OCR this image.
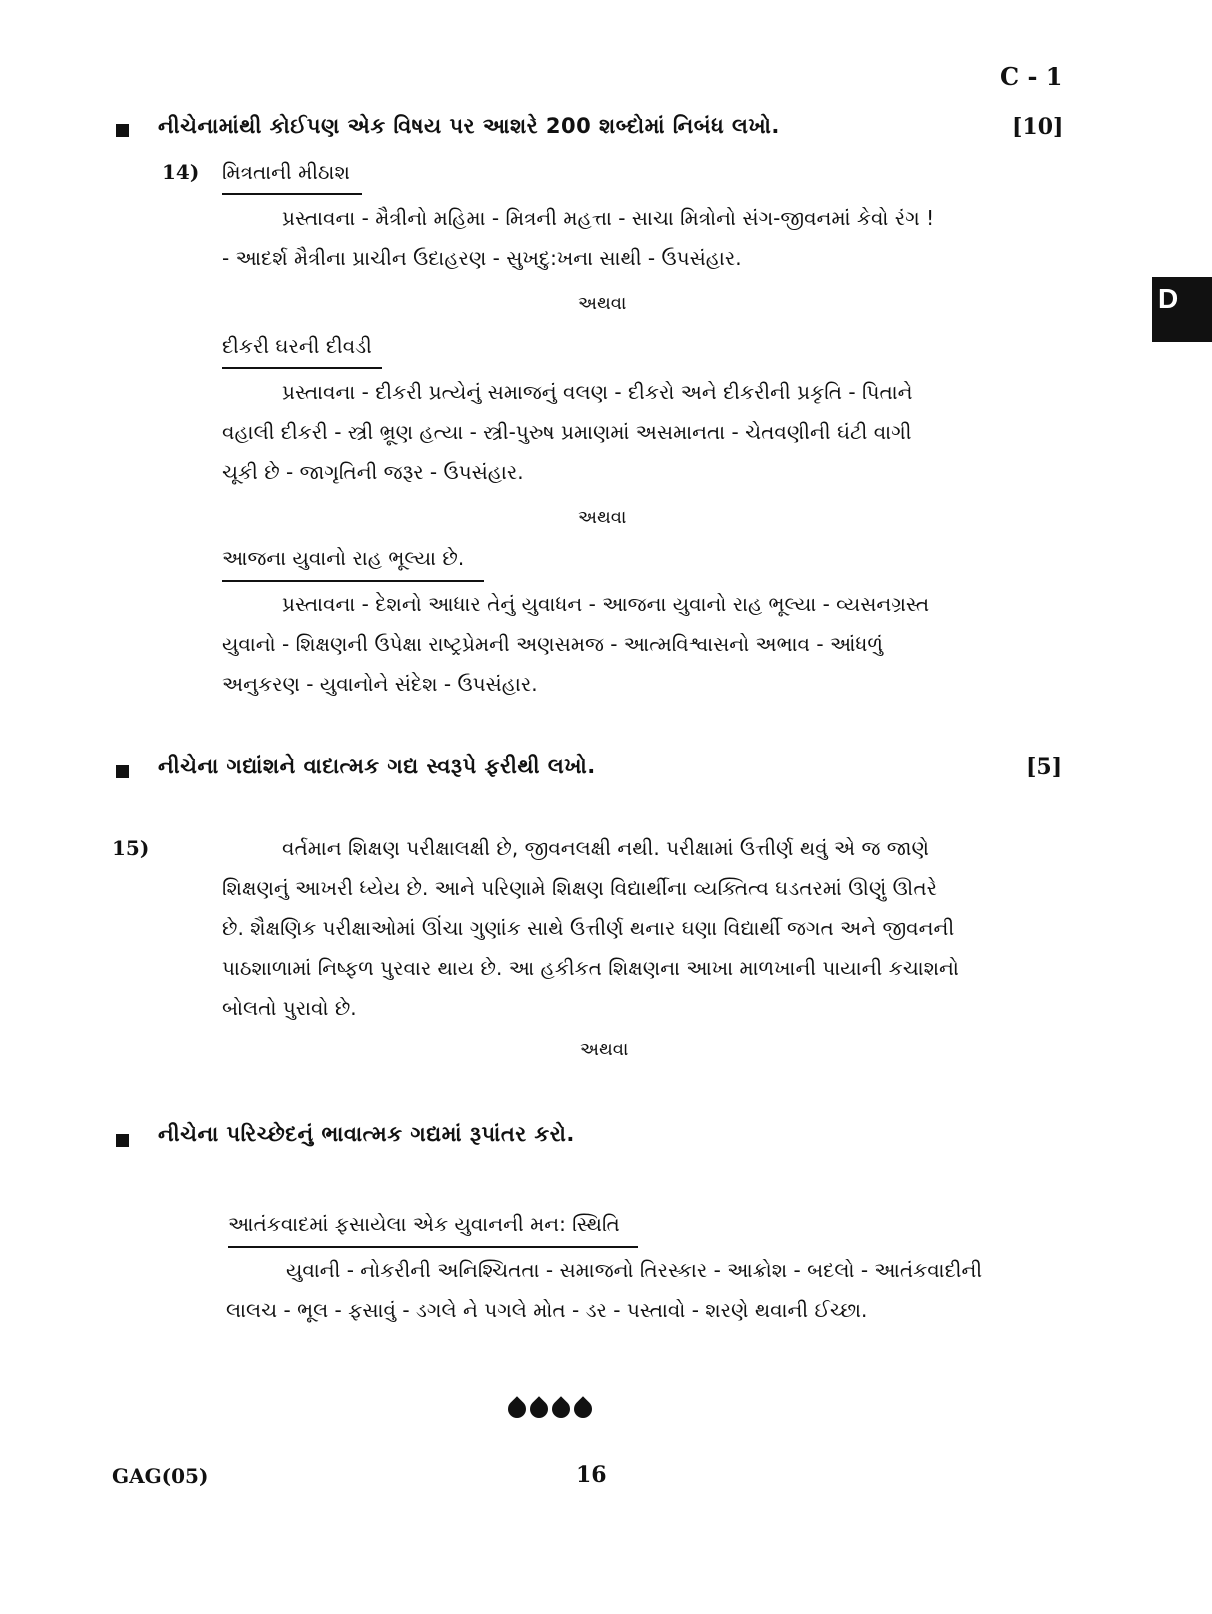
C - 1
D
નીચેનામાંથી કોઈપણ એક વિષય પર આશરે 200 શબ્દોમાં નિબંધ લખો.	[10]
14) મિત્રતાની મીઠાશ
પ્રસ્તાવના - મૈત્રીનો મહિમા - મિત્રની મહત્તા - સાચા મિત્રોનો સંગ-જીવનમાં કેવો રંગ !
- આદર્શ મૈત્રીના પ્રાચીન ઉદાહરણ - સુખદુ:ખના સાથી - ઉપસંહાર.
અથવા
દીકરી ઘરની દીવડી
પ્રસ્તાવના - દીકરી પ્રત્યેનું સમાજનું વલણ - દીકરો અને દીકરીની પ્રકૃતિ - પિતાને
વહાલી દીકરી - સ્ત્રી ભ્રૂણ હત્યા - સ્ત્રી-પુરુષ પ્રમાણમાં અસમાનતા - ચેતવણીની ઘંટી વાગી
ચૂકી છે - જાગૃતિની જરૂર - ઉપસંહાર.
અથવા
આજના યુવાનો રાહ ભૂલ્યા છે.
પ્રસ્તાવના - દેશનો આધાર તેનું યુવાધન - આજના યુવાનો રાહ ભૂલ્યા - વ્યસનગ્રસ્ત
યુવાનો - શિક્ષણની ઉપેક્ષા રાષ્ટ્રપ્રેમની અણસમજ - આત્મવિશ્વાસનો અભાવ - આંધળું
અનુકરણ - યુવાનોને સંદેશ - ઉપસંહાર.
નીચેના ગદ્યાંશને વાદાત્મક ગદ્ય સ્વરૂપે ફરીથી લખો.	[5]
15)	વર્તમાન શિક્ષણ પરીક્ષાલક્ષી છે, જીવનલક્ષી નથી. પરીક્ષામાં ઉત્તીર્ણ થવું એ જ જાણે
શિક્ષણનું આખરી ધ્યેય છે. આને પરિણામે શિક્ષણ વિદ્યાર્થીના વ્યક્તિત્વ ઘડતરમાં ઊણું ઊતરે
છે. શૈક્ષણિક પરીક્ષાઓમાં ઊંચા ગુણાંક સાથે ઉત્તીર્ણ થનાર ઘણા વિદ્યાર્થી જગત અને જીવનની
પાઠશાળામાં નિષ્ફળ પુરવાર થાય છે. આ હકીકત શિક્ષણના આખા માળખાની પાયાની કચાશનો
બોલતો પુરાવો છે.
અથવા
નીચેના પરિચ્છેદનું ભાવાત્મક ગદ્યમાં રૂપાંતર કરો.
આતંકવાદમાં ફસાયેલા એક યુવાનની મન: સ્થિતિ
યુવાની - નોકરીની અનિશ્ચિતતા - સમાજનો તિરસ્કાર - આક્રોશ - બદલો - આતંકવાદીની
લાલચ - ભૂલ - ફસાવું - ડગલે ને પગલે મોત - ડર - પસ્તાવો - શરણે થવાની ઈચ્છા.
GAG(05)	16
